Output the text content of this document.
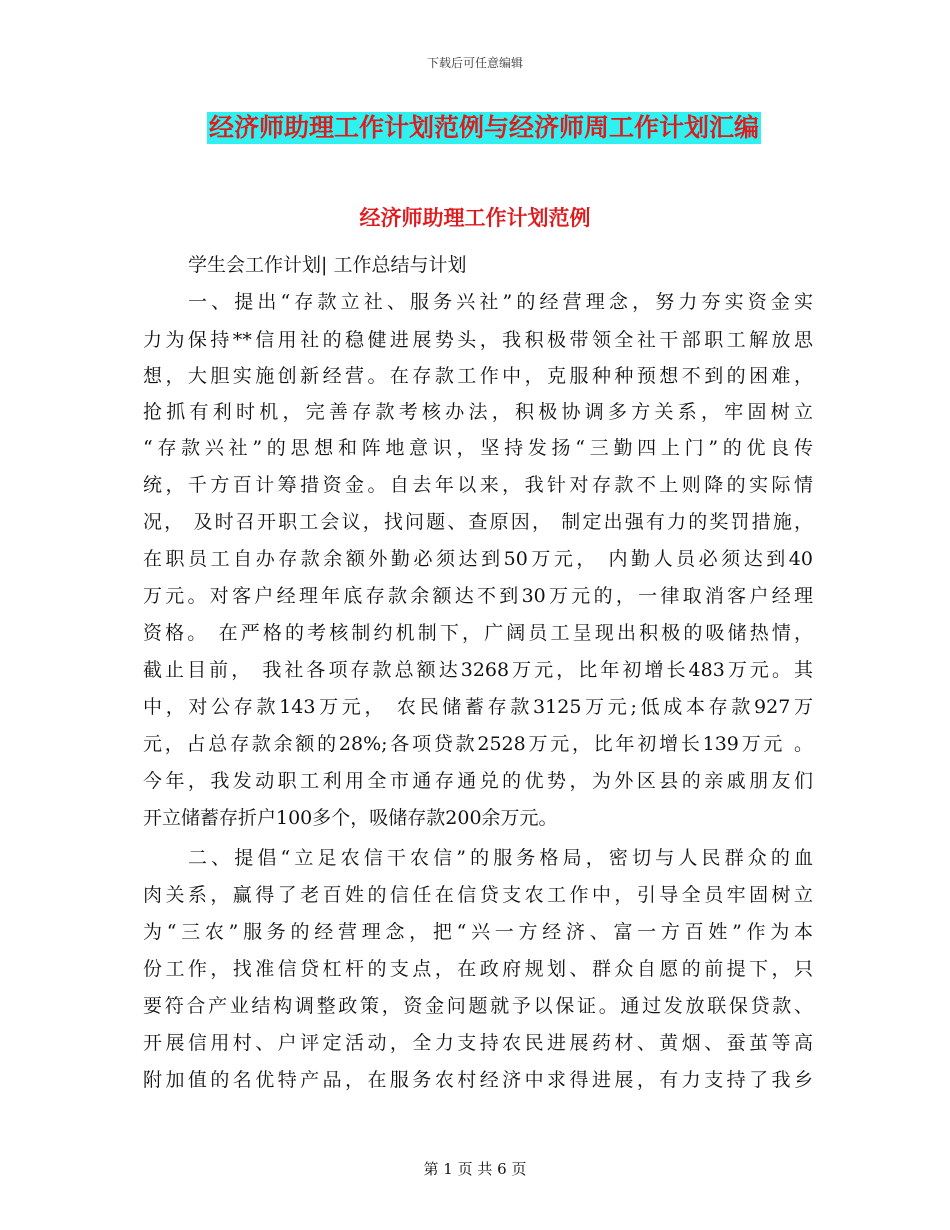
下载后可任意编辑
经济师助理工作计划范例与经济师周工作计划汇编
经济师助理工作计划范例
学生会工作计划| 工作总结与计划
一、提出“存款立社、服务兴社”的经营理念，努力夯实资金实
力为保持**信用社的稳健进展势头，我积极带领全社干部职工解放思
想，大胆实施创新经营。在存款工作中，克服种种预想不到的困难，
抢抓有利时机，完善存款考核办法，积极协调多方关系，牢固树立
“存款兴社”的思想和阵地意识，坚持发扬“三勤四上门”的优良传
统，千方百计筹措资金。自去年以来，我针对存款不上则降的实际情
况， 及时召开职工会议，找问题、查原因， 制定出强有力的奖罚措施，
在职员工自办存款余额外勤必须达到50万元， 内勤人员必须达到40
万元。对客户经理年底存款余额达不到30万元的，一律取消客户经理
资格。 在严格的考核制约机制下，广阔员工呈现出积极的吸储热情，
截止目前， 我社各项存款总额达3268万元，比年初增长483万元。其
中，对公存款143万元， 农民储蓄存款3125万元;低成本存款927万
元，占总存款余额的28%;各项贷款2528万元，比年初增长139万元 。
今年，我发动职工利用全市通存通兑的优势，为外区县的亲戚朋友们
开立储蓄存折户100多个，吸储存款200余万元。
二、提倡“立足农信干农信”的服务格局，密切与人民群众的血
肉关系，赢得了老百姓的信任在信贷支农工作中，引导全员牢固树立
为“三农”服务的经营理念，把“兴一方经济、富一方百姓”作为本
份工作，找准信贷杠杆的支点，在政府规划、群众自愿的前提下，只
要符合产业结构调整政策，资金问题就予以保证。通过发放联保贷款、
开展信用村、户评定活动，全力支持农民进展药材、黄烟、蚕茧等高
附加值的名优特产品，在服务农村经济中求得进展，有力支持了我乡
第 1 页 共 6 页
